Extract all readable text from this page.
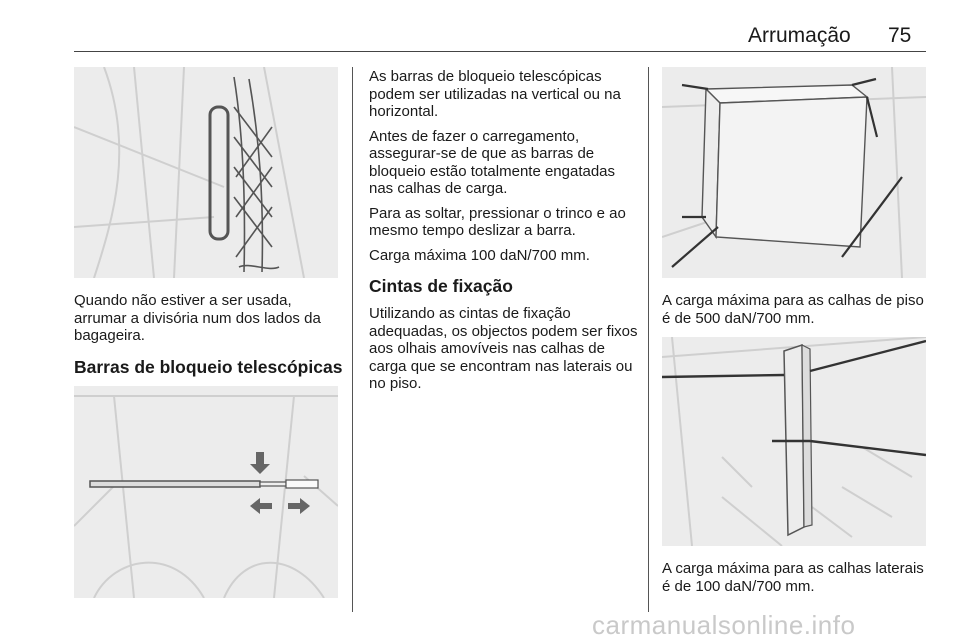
Arrumação 75

Quando não estiver a ser usada, arrumar a divisória num dos lados da bagageira.

Barras de bloqueio telescópicas

As barras de bloqueio telescópicas podem ser utilizadas na vertical ou na horizontal.

Antes de fazer o carregamento, assegurar-se de que as barras de bloqueio estão totalmente engatadas nas calhas de carga.

Para as soltar, pressionar o trinco e ao mesmo tempo deslizar a barra.

Carga máxima 100 daN/700 mm.

Cintas de fixação

Utilizando as cintas de fixação adequadas, os objectos podem ser fixos aos olhais amovíveis nas calhas de carga que se encontram nas laterais ou no piso.

A carga máxima para as calhas de piso é de 500 daN/700 mm.

A carga máxima para as calhas laterais é de 100 daN/700 mm.

carmanualsonline.info
